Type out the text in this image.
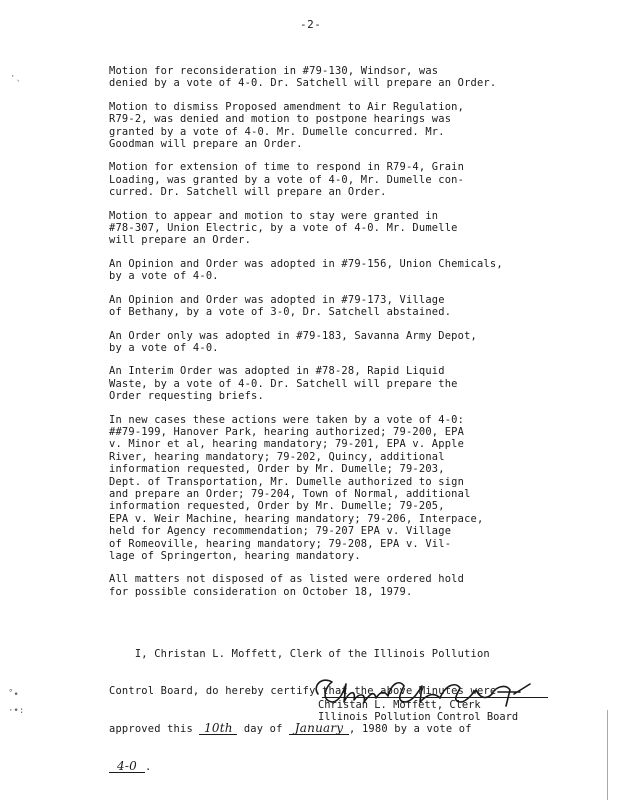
-2-
·ˎ
˚•
·•:

Motion for reconsideration in #79-130, Windsor, was
denied by a vote of 4-0. Dr. Satchell will prepare an Order.

Motion to dismiss Proposed amendment to Air Regulation,
R79-2, was denied and motion to postpone hearings was
granted by a vote of 4-0. Mr. Dumelle concurred. Mr.
Goodman will prepare an Order.

Motion for extension of time to respond in R79-4, Grain
Loading, was granted by a vote of 4-0, Mr. Dumelle con-
curred. Dr. Satchell will prepare an Order.

Motion to appear and motion to stay were granted in
#78-307, Union Electric, by a vote of 4-0. Mr. Dumelle
will prepare an Order.

An Opinion and Order was adopted in #79-156, Union Chemicals,
by a vote of 4-0.

An Opinion and Order was adopted in #79-173, Village
of Bethany, by a vote of 3-0, Dr. Satchell abstained.

An Order only was adopted in #79-183, Savanna Army Depot,
by a vote of 4-0.

An Interim Order was adopted in #78-28, Rapid Liquid
Waste, by a vote of 4-0. Dr. Satchell will prepare the
Order requesting briefs.

In new cases these actions were taken by a vote of 4-0:
##79-199, Hanover Park, hearing authorized; 79-200, EPA
v. Minor et al, hearing mandatory; 79-201, EPA v. Apple
River, hearing mandatory; 79-202, Quincy, additional
information requested, Order by Mr. Dumelle; 79-203,
Dept. of Transportation, Mr. Dumelle authorized to sign
and prepare an Order; 79-204, Town of Normal, additional
information requested, Order by Mr. Dumelle; 79-205,
EPA v. Weir Machine, hearing mandatory; 79-206, Interpace,
held for Agency recommendation; 79-207 EPA v. Village
of Romeoville, hearing mandatory; 79-208, EPA v. Vil-
lage of Springerton, hearing mandatory.

All matters not disposed of as listed were ordered hold
for possible consideration on October 18, 1979.

I, Christan L. Moffett, Clerk of the Illinois Pollution

Control Board, do hereby certify that the above Minutes were

approved this 10th day of January , 1980 by a vote of

4-0 .

Christan L. Moffett, Clerk
Illinois Pollution Control Board
